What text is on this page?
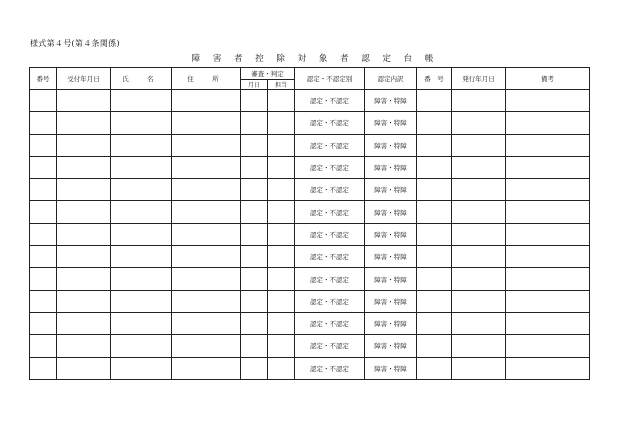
様式第４号(第４条関係)
障 害 者 控 除 対 象 者 認 定 台 帳
番号	受付年月日	氏　名	住　所	審査・判定		認定・不認定別	認定内訳	番　号	発行年月日	備考
				月日	担当					
						認定・不認定	障害・特障			
						認定・不認定	障害・特障			
						認定・不認定	障害・特障			
						認定・不認定	障害・特障			
						認定・不認定	障害・特障			
						認定・不認定	障害・特障			
						認定・不認定	障害・特障			
						認定・不認定	障害・特障			
						認定・不認定	障害・特障			
						認定・不認定	障害・特障			
						認定・不認定	障害・特障			
						認定・不認定	障害・特障			
						認定・不認定	障害・特障			
